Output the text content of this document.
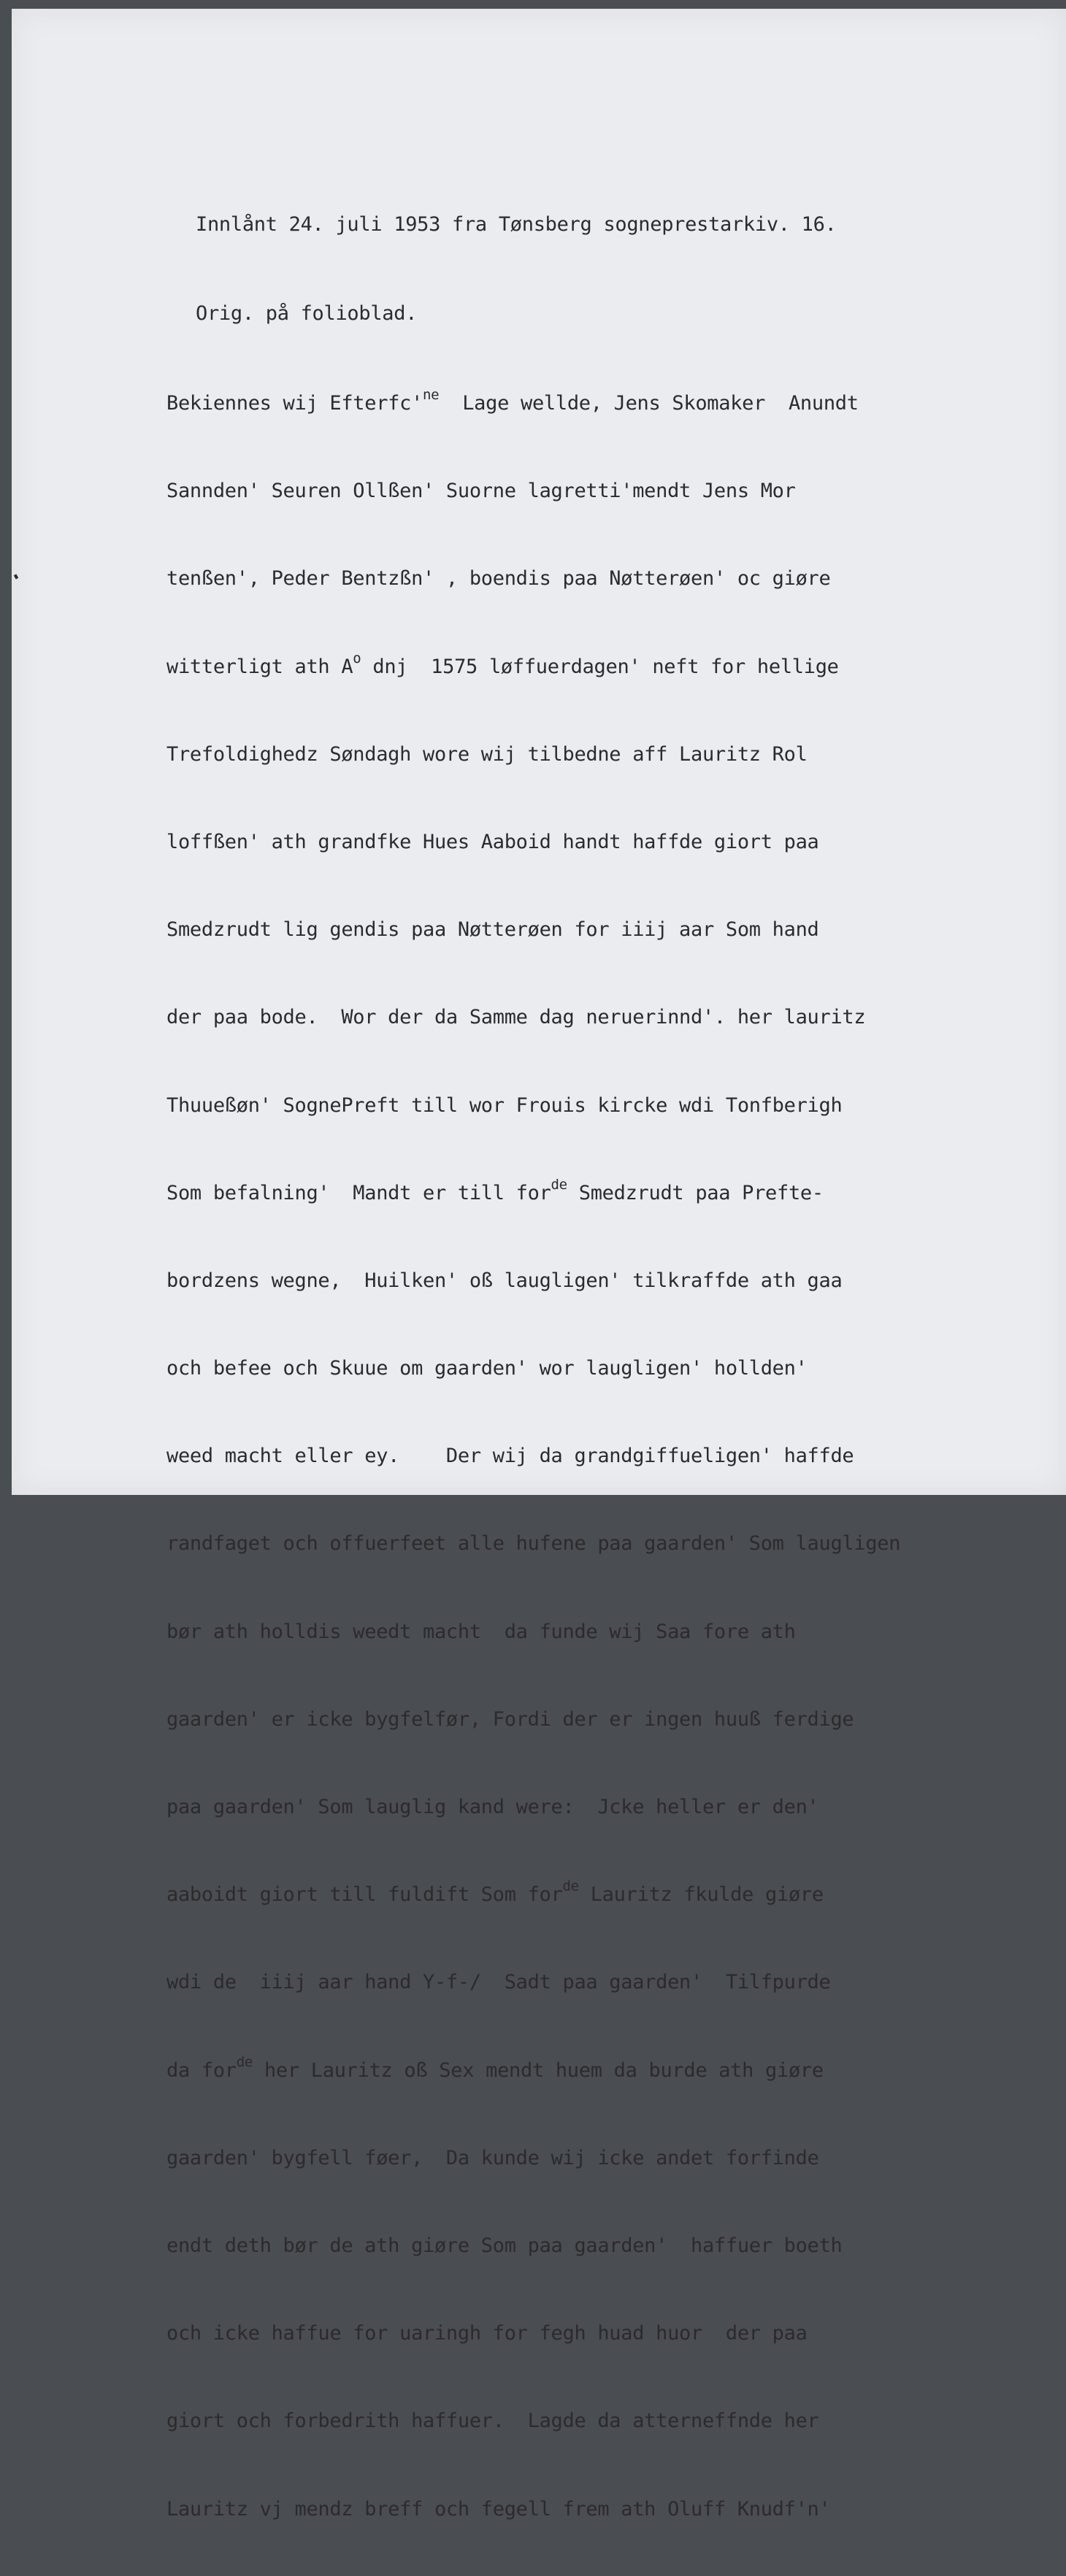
Innlånt 24. juli 1953 fra Tønsberg sogneprestarkiv. 16.

Orig. på folioblad.

Bekiennes wij $Efterfc'^{ne}$  Lage wellde, Jens Skomaker  Anundt

Sannden' Seuren Ollßen' Suorne lagretti'mendt Jens Mor

tenßen', Peder Bentzßn' , boendis paa Nøtterøen' oc giøre

witterligt ath $A^o$ dnj  1575 løffuerdagen' neft for hellige

Trefoldighedz Søndagh wore wij tilbedne aff Lauritz Rol

loffßen' ath grandfke Hues Aaboid handt haffde giort paa

Smedzrudt lig gendis paa Nøtterøen for iiij aar Som hand

der paa bode.  Wor der da Samme dag neruerinnd'. her lauritz

Thuueßøn' SognePreft till wor Frouis kircke wdi Tonfberigh

Som befalning'  Mandt er till for$^{de}$ Smedzrudt paa Prefte-

bordzens wegne,  Huilken' oß laugligen' tilkraffde ath gaa

och befee och Skuue om gaarden' wor laugligen' hollden'

weed macht eller ey.    Der wij da grandgiffueligen' haffde

randfaget och offuerfeet alle hufene paa gaarden' Som laugligen

bør ath holldis weedt macht  da funde wij Saa fore ath

gaarden' er icke bygfelfør, Fordi der er ingen huuß ferdige

paa gaarden' Som lauglig kand were:  Jcke heller er den'

aaboidt giort till fuldift Som for$^{de}$ Lauritz fkulde giøre

wdi de  iiij aar hand Y-f-/  Sadt paa gaarden'  Tilfpurde

da for$^{de}$ her Lauritz oß Sex mendt huem da burde ath giøre

gaarden' bygfell føer,  Da kunde wij icke andet forfinde

endt deth bør de ath giøre Som paa gaarden'  haffuer boeth

och icke haffue for uaringh for fegh huad huor  der paa

giort och forbedrith haffuer.  Lagde da atterneffnde her

Lauritz vj mendz breff och fegell frem ath Oluff Knudf'n'
